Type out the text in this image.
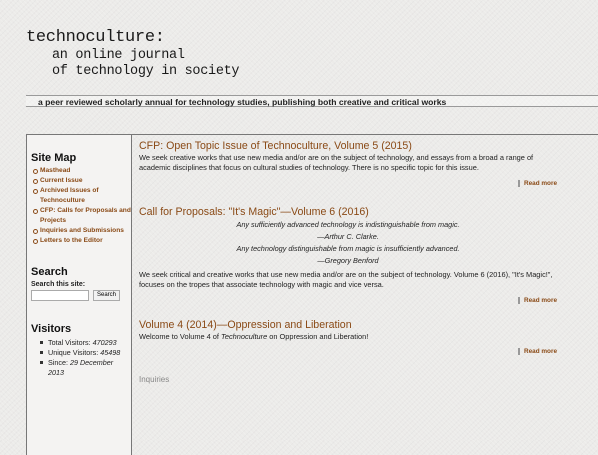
technoculture:
an online journal
of technology in society
a peer reviewed scholarly annual for technology studies, publishing both creative and critical works
Site Map
Masthead
Current Issue
Archived Issues of Technoculture
CFP: Calls for Proposals and Projects
Inquiries and Submissions
Letters to the Editor
Search
Search this site:
Search
Visitors
Total Visitors: 470293
Unique Visitors: 45498
Since: 29 December 2013
CFP: Open Topic Issue of Technoculture, Volume 5 (2015)

We seek creative works that use new media and/or are on the subject of technology, and essays from a broad a range of academic disciplines that focus on cultural studies of technology. There is no specific topic for this issue.

Read more
Call for Proposals: "It's Magic"—Volume 6 (2016)
Any sufficiently advanced technology is indistinguishable from magic.
—Arthur C. Clarke.
Any technology distinguishable from magic is insufficiently advanced.
—Gregory Benford

We seek critical and creative works that use new media and/or are on the subject of technology. Volume 6 (2016), "It's Magic!", focuses on the tropes that associate technology with magic and vice versa.

Read more
Volume 4 (2014)—Oppression and Liberation

Welcome to Volume 4 of Technoculture on Oppression and Liberation!

Read more
Inquiries
